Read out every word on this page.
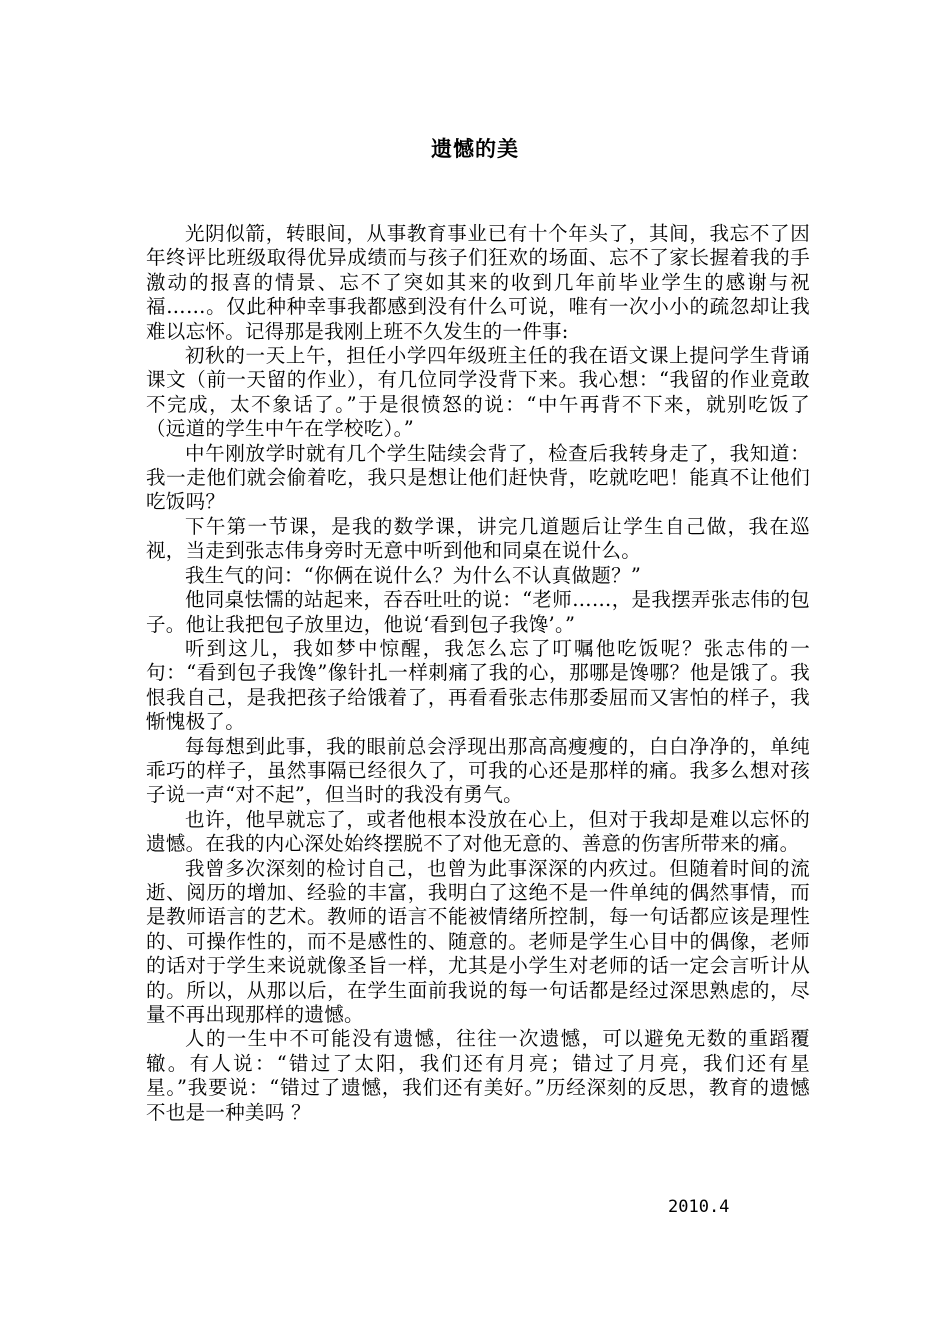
遗憾的美

光阴似箭，转眼间，从事教育事业已有十个年头了，其间，我忘不了因年终评比班级取得优异成绩而与孩子们狂欢的场面、忘不了家长握着我的手激动的报喜的情景、忘不了突如其来的收到几年前毕业学生的感谢与祝福……。仅此种种幸事我都感到没有什么可说，唯有一次小小的疏忽却让我难以忘怀。记得那是我刚上班不久发生的一件事:

初秋的一天上午，担任小学四年级班主任的我在语文课上提问学生背诵课文（前一天留的作业），有几位同学没背下来。我心想：“我留的作业竟敢不完成，太不象话了。”于是很愤怒的说：“中午再背不下来，就别吃饭了（远道的学生中午在学校吃）。”

中午刚放学时就有几个学生陆续会背了，检查后我转身走了，我知道：我一走他们就会偷着吃，我只是想让他们赶快背，吃就吃吧！能真不让他们吃饭吗？

下午第一节课，是我的数学课，讲完几道题后让学生自己做，我在巡视，当走到张志伟身旁时无意中听到他和同桌在说什么。

我生气的问：“你俩在说什么？为什么不认真做题？”

他同桌怯懦的站起来，吞吞吐吐的说：“老师……，是我摆弄张志伟的包子。他让我把包子放里边，他说‘看到包子我馋’。”

听到这儿，我如梦中惊醒，我怎么忘了叮嘱他吃饭呢？张志伟的一句：“看到包子我馋”像针扎一样刺痛了我的心，那哪是馋哪？他是饿了。我恨我自己，是我把孩子给饿着了，再看看张志伟那委屈而又害怕的样子，我惭愧极了。

每每想到此事，我的眼前总会浮现出那高高瘦瘦的，白白净净的，单纯乖巧的样子，虽然事隔已经很久了，可我的心还是那样的痛。我多么想对孩子说一声“对不起”，但当时的我没有勇气。

也许，他早就忘了，或者他根本没放在心上，但对于我却是难以忘怀的遗憾。在我的内心深处始终摆脱不了对他无意的、善意的伤害所带来的痛。

我曾多次深刻的检讨自己，也曾为此事深深的内疚过。但随着时间的流逝、阅历的增加、经验的丰富，我明白了这绝不是一件单纯的偶然事情，而是教师语言的艺术。教师的语言不能被情绪所控制，每一句话都应该是理性的、可操作性的，而不是感性的、随意的。老师是学生心目中的偶像，老师的话对于学生来说就像圣旨一样，尤其是小学生对老师的话一定会言听计从的。所以，从那以后，在学生面前我说的每一句话都是经过深思熟虑的，尽量不再出现那样的遗憾。

人的一生中不可能没有遗憾，往往一次遗憾，可以避免无数的重蹈覆辙。有人说：“错过了太阳，我们还有月亮；错过了月亮，我们还有星星。”我要说：“错过了遗憾，我们还有美好。”历经深刻的反思，教育的遗憾不也是一种美吗 ？

2010.4
